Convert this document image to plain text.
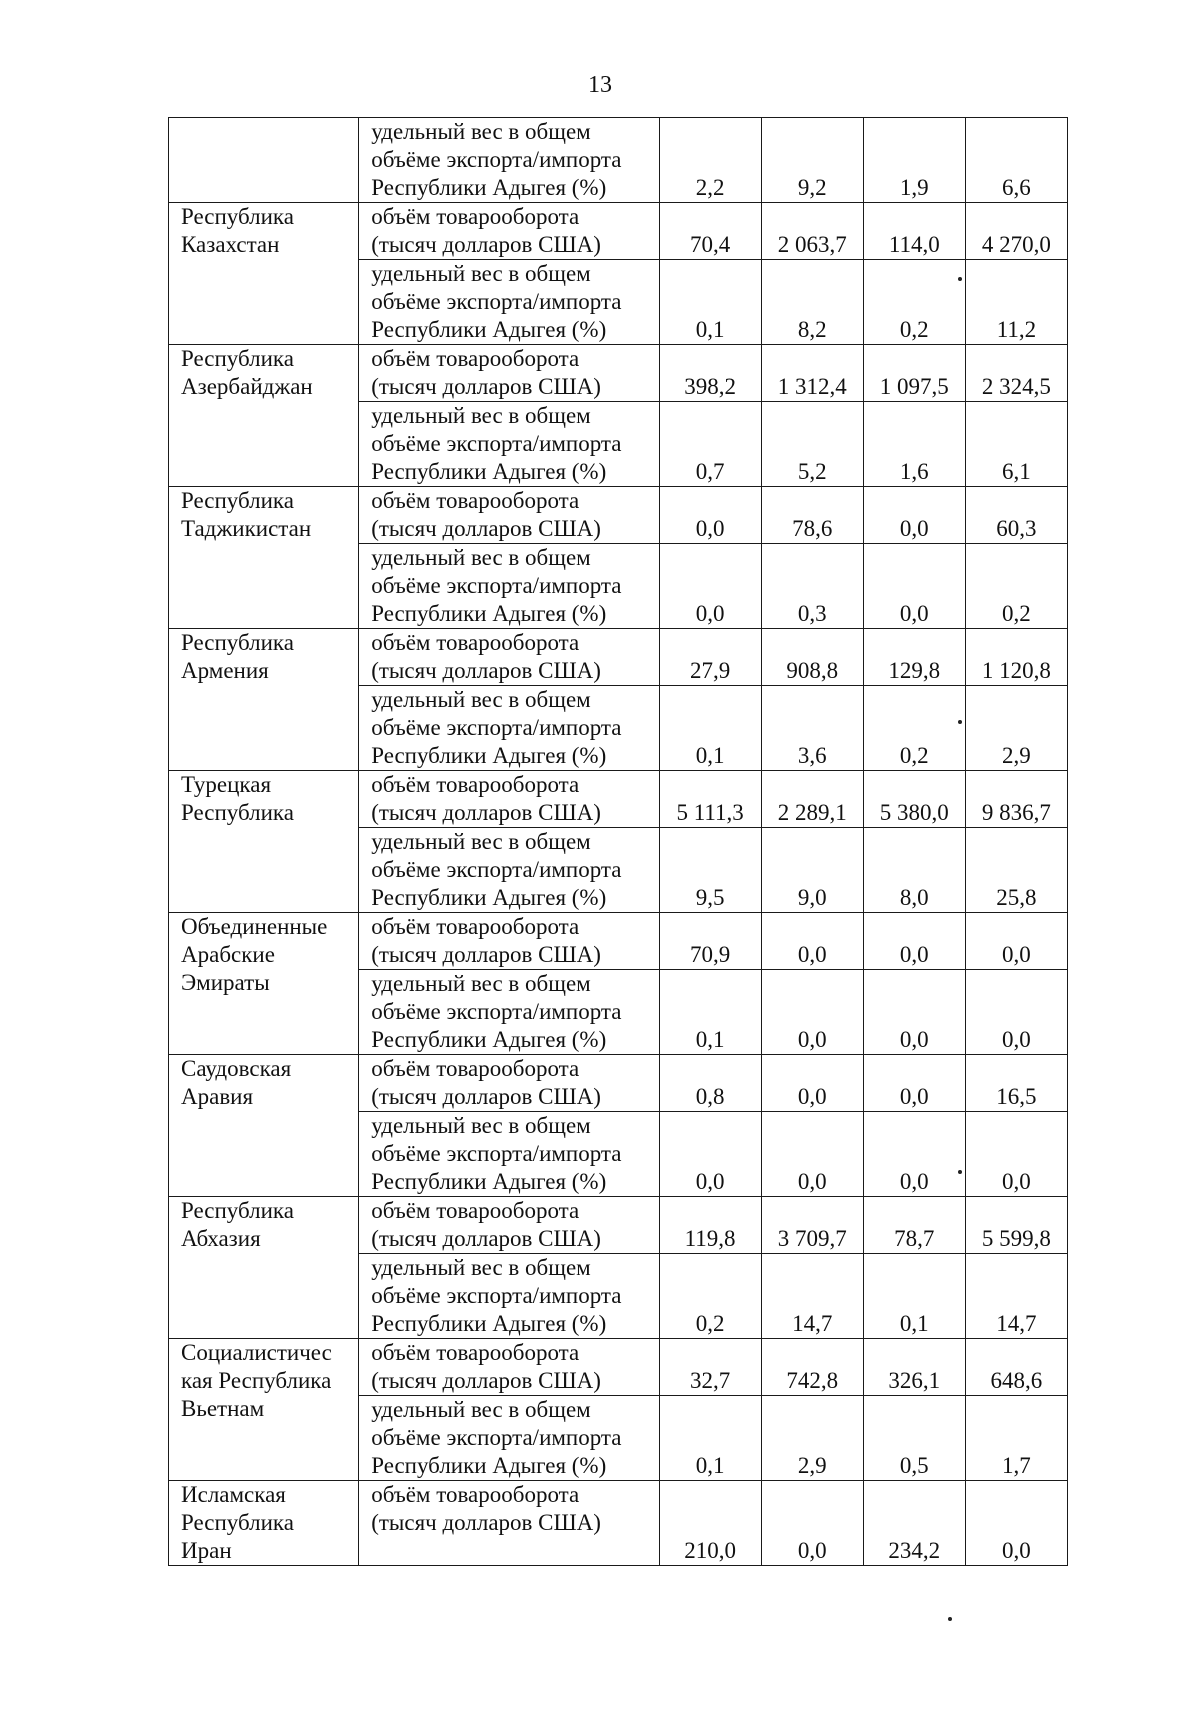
13
	удельный вес в общем
объёме экспорта/импорта
Республики Адыгея (%)	2,2	9,2	1,9	6,6
Республика
Казахстан	объём товарооборота
(тысяч долларов США)	70,4	2 063,7	114,0	4 270,0
	удельный вес в общем
объёме экспорта/импорта
Республики Адыгея (%)	0,1	8,2	0,2	11,2
Республика
Азербайджан	объём товарооборота
(тысяч долларов США)	398,2	1 312,4	1 097,5	2 324,5
	удельный вес в общем
объёме экспорта/импорта
Республики Адыгея (%)	0,7	5,2	1,6	6,1
Республика
Таджикистан	объём товарооборота
(тысяч долларов США)	0,0	78,6	0,0	60,3
	удельный вес в общем
объёме экспорта/импорта
Республики Адыгея (%)	0,0	0,3	0,0	0,2
Республика
Армения	объём товарооборота
(тысяч долларов США)	27,9	908,8	129,8	1 120,8
	удельный вес в общем
объёме экспорта/импорта
Республики Адыгея (%)	0,1	3,6	0,2	2,9
Турецкая
Республика	объём товарооборота
(тысяч долларов США)	5 111,3	2 289,1	5 380,0	9 836,7
	удельный вес в общем
объёме экспорта/импорта
Республики Адыгея (%)	9,5	9,0	8,0	25,8
Объединенные
Арабские
Эмираты	объём товарооборота
(тысяч долларов США)	70,9	0,0	0,0	0,0
	удельный вес в общем
объёме экспорта/импорта
Республики Адыгея (%)	0,1	0,0	0,0	0,0
Саудовская
Аравия	объём товарооборота
(тысяч долларов США)	0,8	0,0	0,0	16,5
	удельный вес в общем
объёме экспорта/импорта
Республики Адыгея (%)	0,0	0,0	0,0	0,0
Республика
Абхазия	объём товарооборота
(тысяч долларов США)	119,8	3 709,7	78,7	5 599,8
	удельный вес в общем
объёме экспорта/импорта
Республики Адыгея (%)	0,2	14,7	0,1	14,7
Социалистичес
кая Республика
Вьетнам	объём товарооборота
(тысяч долларов США)	32,7	742,8	326,1	648,6
	удельный вес в общем
объёме экспорта/импорта
Республики Адыгея (%)	0,1	2,9	0,5	1,7
Исламская
Республика
Иран	объём товарооборота
(тысяч долларов США)	210,0	0,0	234,2	0,0
